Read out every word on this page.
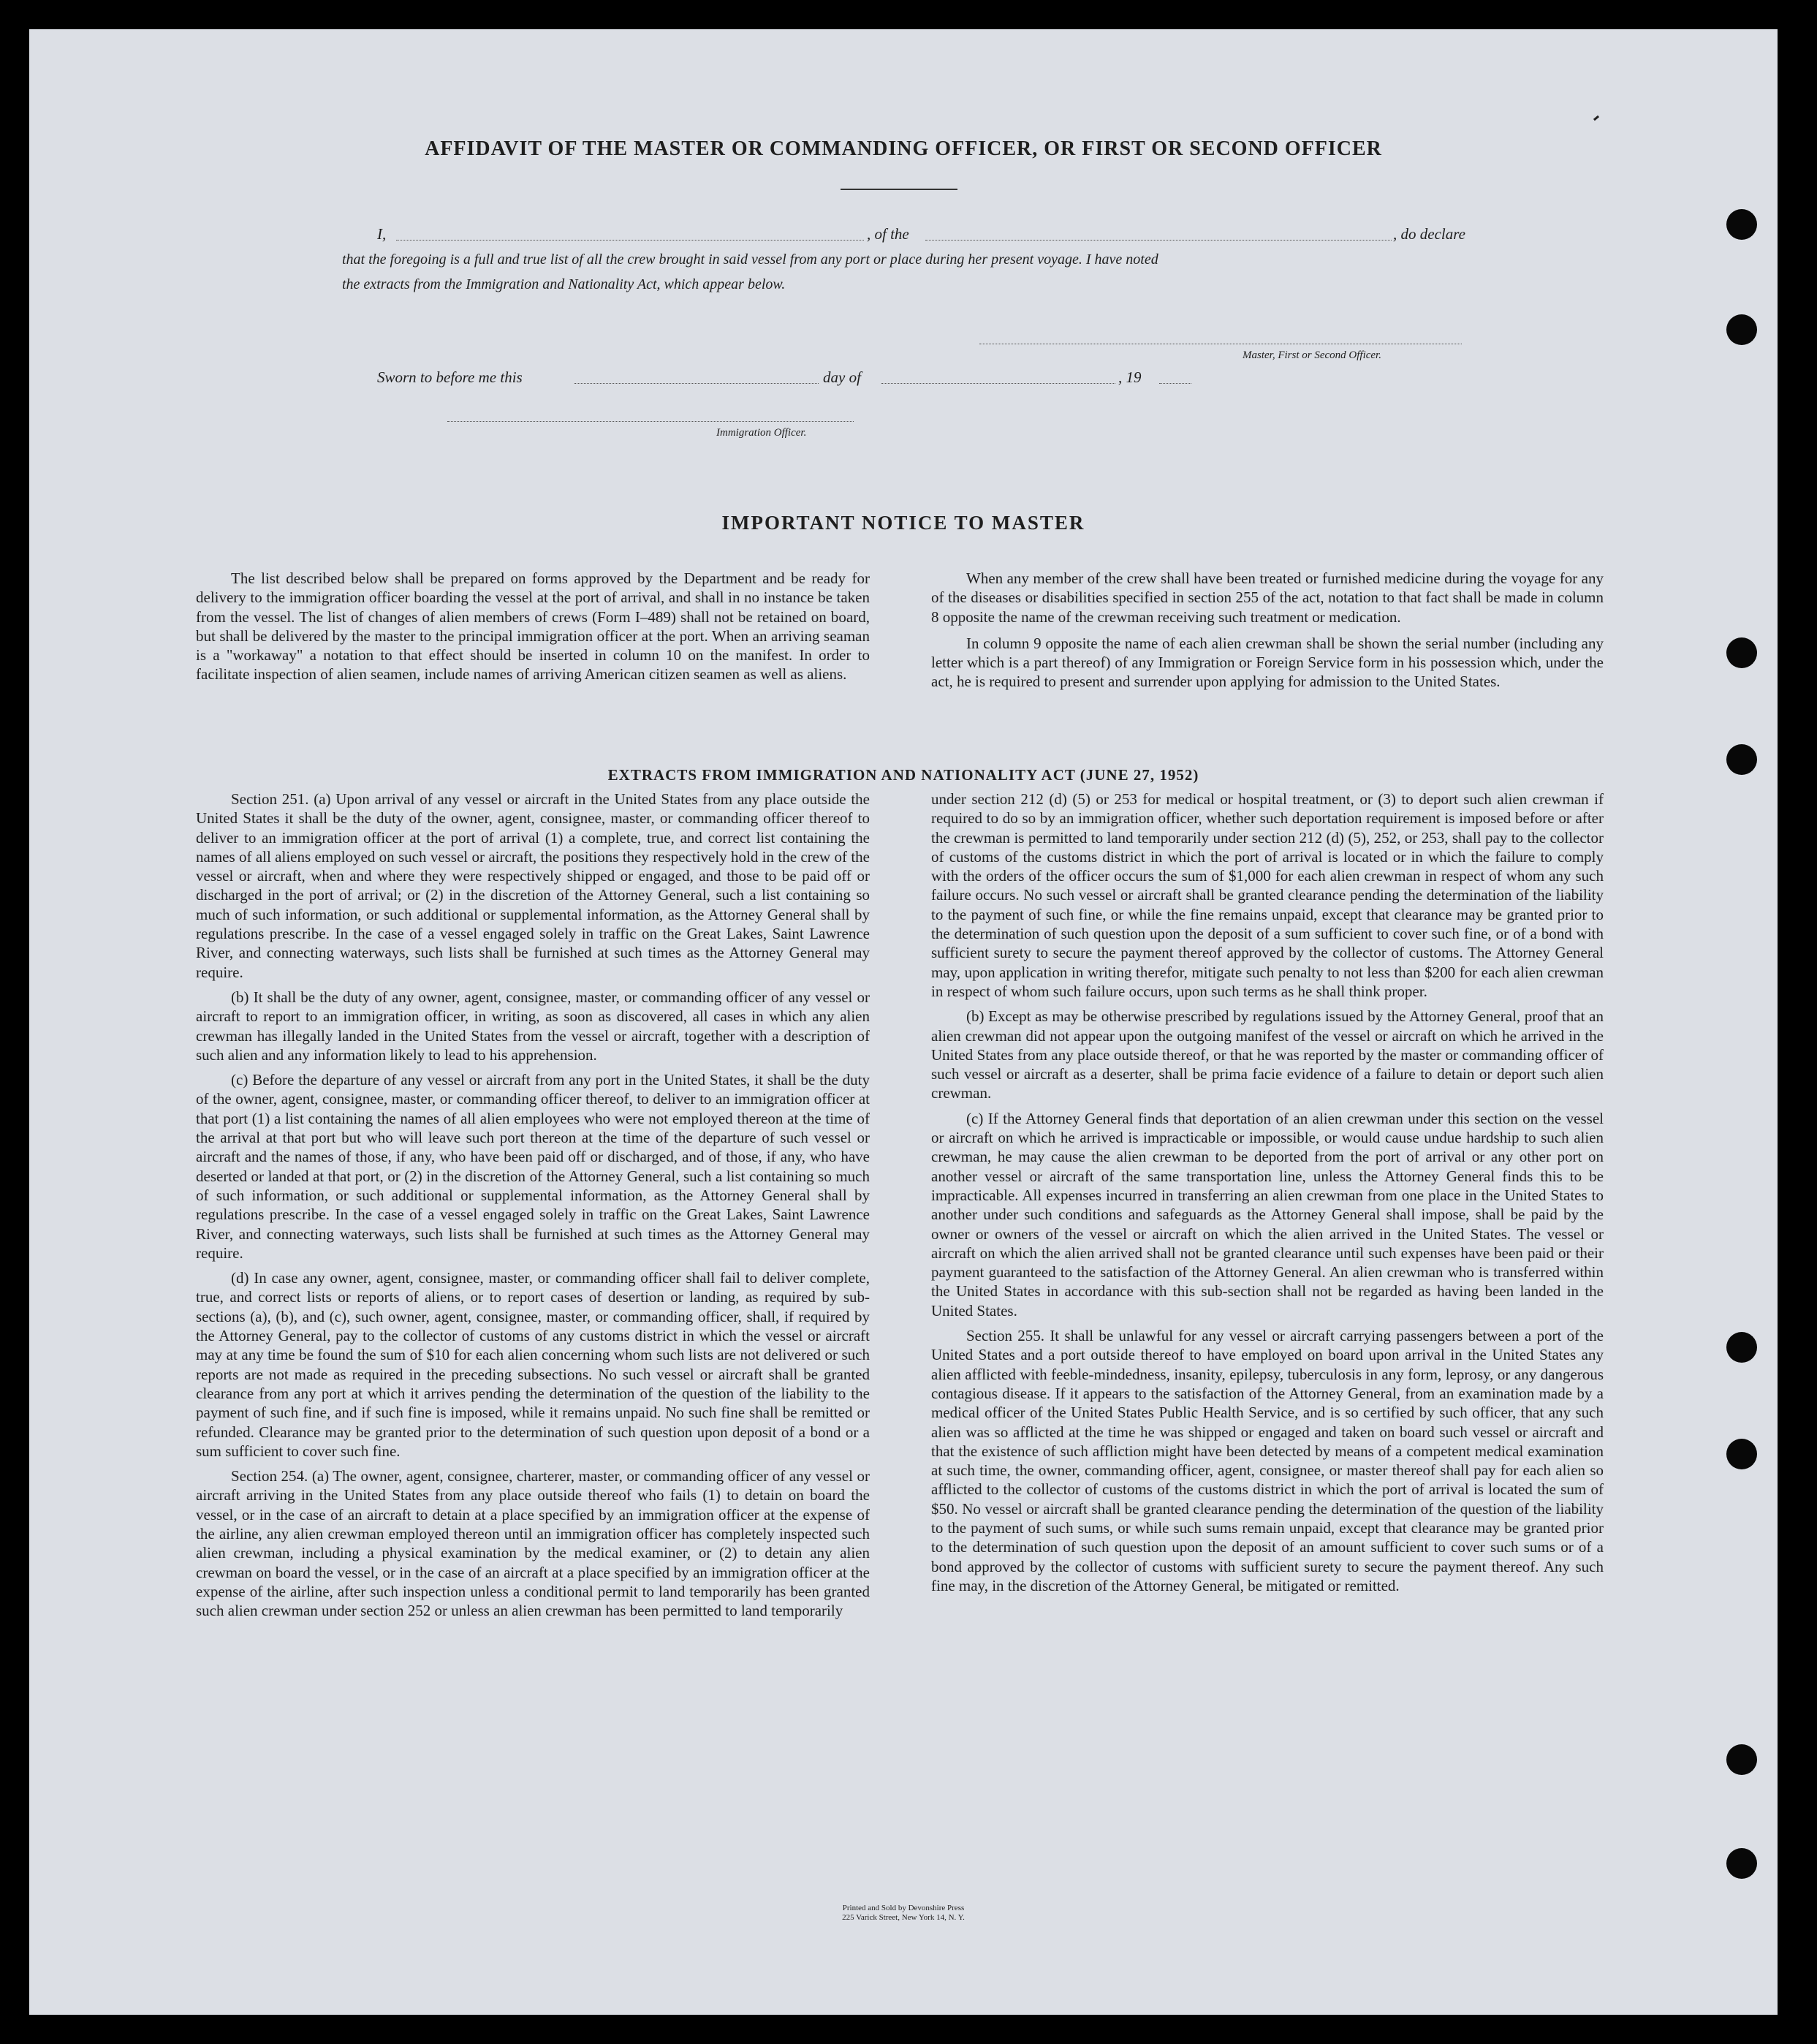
AFFIDAVIT OF THE MASTER OR COMMANDING OFFICER, OR FIRST OR SECOND OFFICER
I,	, of the	, do declare
that the foregoing is a full and true list of all the crew brought in said vessel from any port or place during her present voyage. I have noted
the extracts from the Immigration and Nationality Act, which appear below.
Master, First or Second Officer.
Sworn to before me this	day of	, 19
Immigration Officer.
IMPORTANT NOTICE TO MASTER

The list described below shall be prepared on forms approved by the Department and be ready for delivery to the immigration officer boarding the vessel at the port of arrival, and shall in no instance be taken from the vessel. The list of changes of alien members of crews (Form I–489) shall not be retained on board, but shall be delivered by the master to the principal immigration officer at the port. When an arriving seaman is a "workaway" a notation to that effect should be inserted in column 10 on the manifest. In order to facilitate inspection of alien seamen, include names of arriving American citizen seamen as well as aliens.

When any member of the crew shall have been treated or furnished medicine during the voyage for any of the diseases or disabilities specified in section 255 of the act, notation to that fact shall be made in column 8 opposite the name of the crewman receiving such treatment or medication.

In column 9 opposite the name of each alien crewman shall be shown the serial number (including any letter which is a part thereof) of any Immigration or Foreign Service form in his possession which, under the act, he is required to present and surrender upon applying for admission to the United States.

EXTRACTS FROM IMMIGRATION AND NATIONALITY ACT (JUNE 27, 1952)

Section 251. (a) Upon arrival of any vessel or aircraft in the United States from any place outside the United States it shall be the duty of the owner, agent, consignee, master, or commanding officer thereof to deliver to an immigration officer at the port of arrival (1) a complete, true, and correct list containing the names of all aliens employed on such vessel or aircraft, the positions they respectively hold in the crew of the vessel or aircraft, when and where they were respectively shipped or engaged, and those to be paid off or discharged in the port of arrival; or (2) in the discretion of the Attorney General, such a list containing so much of such information, or such additional or supplemental information, as the Attorney General shall by regulations prescribe. In the case of a vessel engaged solely in traffic on the Great Lakes, Saint Lawrence River, and connecting waterways, such lists shall be furnished at such times as the Attorney General may require.

(b) It shall be the duty of any owner, agent, consignee, master, or commanding officer of any vessel or aircraft to report to an immigration officer, in writing, as soon as discovered, all cases in which any alien crewman has illegally landed in the United States from the vessel or aircraft, together with a description of such alien and any information likely to lead to his apprehension.

(c) Before the departure of any vessel or aircraft from any port in the United States, it shall be the duty of the owner, agent, consignee, master, or commanding officer thereof, to deliver to an immigration officer at that port (1) a list containing the names of all alien employees who were not employed thereon at the time of the arrival at that port but who will leave such port thereon at the time of the departure of such vessel or aircraft and the names of those, if any, who have been paid off or discharged, and of those, if any, who have deserted or landed at that port, or (2) in the discretion of the Attorney General, such a list containing so much of such information, or such additional or supplemental information, as the Attorney General shall by regulations prescribe. In the case of a vessel engaged solely in traffic on the Great Lakes, Saint Lawrence River, and connecting waterways, such lists shall be furnished at such times as the Attorney General may require.

(d) In case any owner, agent, consignee, master, or commanding officer shall fail to deliver complete, true, and correct lists or reports of aliens, or to report cases of desertion or landing, as required by sub-sections (a), (b), and (c), such owner, agent, consignee, master, or commanding officer, shall, if required by the Attorney General, pay to the collector of customs of any customs district in which the vessel or aircraft may at any time be found the sum of $10 for each alien concerning whom such lists are not delivered or such reports are not made as required in the preceding subsections. No such vessel or aircraft shall be granted clearance from any port at which it arrives pending the determination of the question of the liability to the payment of such fine, and if such fine is imposed, while it remains unpaid. No such fine shall be remitted or refunded. Clearance may be granted prior to the determination of such question upon deposit of a bond or a sum sufficient to cover such fine.

Section 254. (a) The owner, agent, consignee, charterer, master, or commanding officer of any vessel or aircraft arriving in the United States from any place outside thereof who fails (1) to detain on board the vessel, or in the case of an aircraft to detain at a place specified by an immigration officer at the expense of the airline, any alien crewman employed thereon until an immigration officer has completely inspected such alien crewman, including a physical examination by the medical examiner, or (2) to detain any alien crewman on board the vessel, or in the case of an aircraft at a place specified by an immigration officer at the expense of the airline, after such inspection unless a conditional permit to land temporarily has been granted such alien crewman under section 252 or unless an alien crewman has been permitted to land temporarily

under section 212 (d) (5) or 253 for medical or hospital treatment, or (3) to deport such alien crewman if required to do so by an immigration officer, whether such deportation requirement is imposed before or after the crewman is permitted to land temporarily under section 212 (d) (5), 252, or 253, shall pay to the collector of customs of the customs district in which the port of arrival is located or in which the failure to comply with the orders of the officer occurs the sum of $1,000 for each alien crewman in respect of whom any such failure occurs. No such vessel or aircraft shall be granted clearance pending the determination of the liability to the payment of such fine, or while the fine remains unpaid, except that clearance may be granted prior to the determination of such question upon the deposit of a sum sufficient to cover such fine, or of a bond with sufficient surety to secure the payment thereof approved by the collector of customs. The Attorney General may, upon application in writing therefor, mitigate such penalty to not less than $200 for each alien crewman in respect of whom such failure occurs, upon such terms as he shall think proper.

(b) Except as may be otherwise prescribed by regulations issued by the Attorney General, proof that an alien crewman did not appear upon the outgoing manifest of the vessel or aircraft on which he arrived in the United States from any place outside thereof, or that he was reported by the master or commanding officer of such vessel or aircraft as a deserter, shall be prima facie evidence of a failure to detain or deport such alien crewman.

(c) If the Attorney General finds that deportation of an alien crewman under this section on the vessel or aircraft on which he arrived is impracticable or impossible, or would cause undue hardship to such alien crewman, he may cause the alien crewman to be deported from the port of arrival or any other port on another vessel or aircraft of the same transportation line, unless the Attorney General finds this to be impracticable. All expenses incurred in transferring an alien crewman from one place in the United States to another under such conditions and safeguards as the Attorney General shall impose, shall be paid by the owner or owners of the vessel or aircraft on which the alien arrived in the United States. The vessel or aircraft on which the alien arrived shall not be granted clearance until such expenses have been paid or their payment guaranteed to the satisfaction of the Attorney General. An alien crewman who is transferred within the United States in accordance with this sub-section shall not be regarded as having been landed in the United States.

Section 255. It shall be unlawful for any vessel or aircraft carrying passengers between a port of the United States and a port outside thereof to have employed on board upon arrival in the United States any alien afflicted with feeble-mindedness, insanity, epilepsy, tuberculosis in any form, leprosy, or any dangerous contagious disease. If it appears to the satisfaction of the Attorney General, from an examination made by a medical officer of the United States Public Health Service, and is so certified by such officer, that any such alien was so afflicted at the time he was shipped or engaged and taken on board such vessel or aircraft and that the existence of such affliction might have been detected by means of a competent medical examination at such time, the owner, commanding officer, agent, consignee, or master thereof shall pay for each alien so afflicted to the collector of customs of the customs district in which the port of arrival is located the sum of $50. No vessel or aircraft shall be granted clearance pending the determination of the question of the liability to the payment of such sums, or while such sums remain unpaid, except that clearance may be granted prior to the determination of such question upon the deposit of an amount sufficient to cover such sums or of a bond approved by the collector of customs with sufficient surety to secure the payment thereof. Any such fine may, in the discretion of the Attorney General, be mitigated or remitted.

Printed and Sold by Devonshire Press
225 Varick Street, New York 14, N. Y.
